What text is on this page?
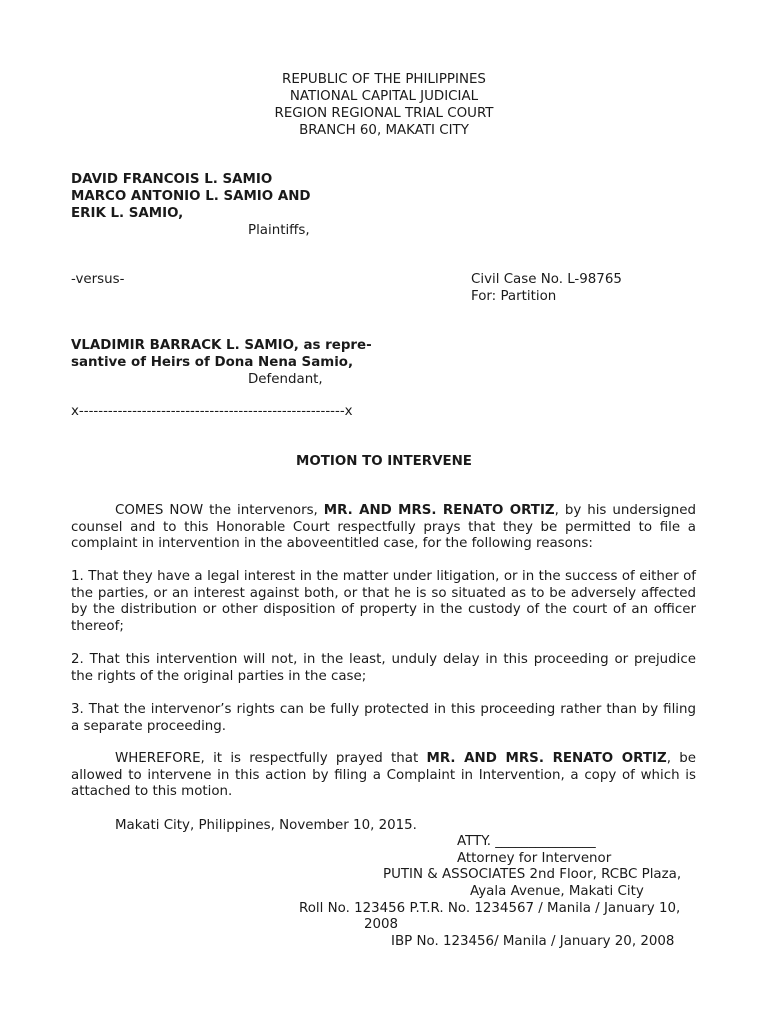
REPUBLIC OF THE PHILIPPINES
NATIONAL CAPITAL JUDICIAL
REGION REGIONAL TRIAL COURT
BRANCH 60, MAKATI CITY
DAVID FRANCOIS L. SAMIO
MARCO ANTONIO L. SAMIO AND
ERIK L. SAMIO,
Plaintiffs,
-versus-	Civil Case No. L-98765
For: Partition
VLADIMIR BARRACK L. SAMIO, as repre-
santive of Heirs of Dona Nena Samio,
Defendant,
x-------------------------------------------------------x
MOTION TO INTERVENE

COMES NOW the intervenors, MR. AND MRS. RENATO ORTIZ, by his undersigned counsel and to this Honorable Court respectfully prays that they be permitted to file a complaint in intervention in the aboveentitled case, for the following reasons:

1. That they have a legal interest in the matter under litigation, or in the success of either of the parties, or an interest against both, or that he is so situated as to be adversely affected by the distribution or other disposition of property in the custody of the court of an officer thereof;

2. That this intervention will not, in the least, unduly delay in this proceeding or prejudice the rights of the original parties in the case;

3. That the intervenor’s rights can be fully protected in this proceeding rather than by filing a separate proceeding.

WHEREFORE, it is respectfully prayed that MR. AND MRS. RENATO ORTIZ, be allowed to intervene in this action by filing a Complaint in Intervention, a copy of which is attached to this motion.

Makati City, Philippines, November 10, 2015.
ATTY. _______________
Attorney for Intervenor
PUTIN & ASSOCIATES 2nd Floor, RCBC Plaza,
Ayala Avenue, Makati City
Roll No. 123456 P.T.R. No. 1234567 / Manila / January 10,
2008
IBP No. 123456/ Manila / January 20, 2008
